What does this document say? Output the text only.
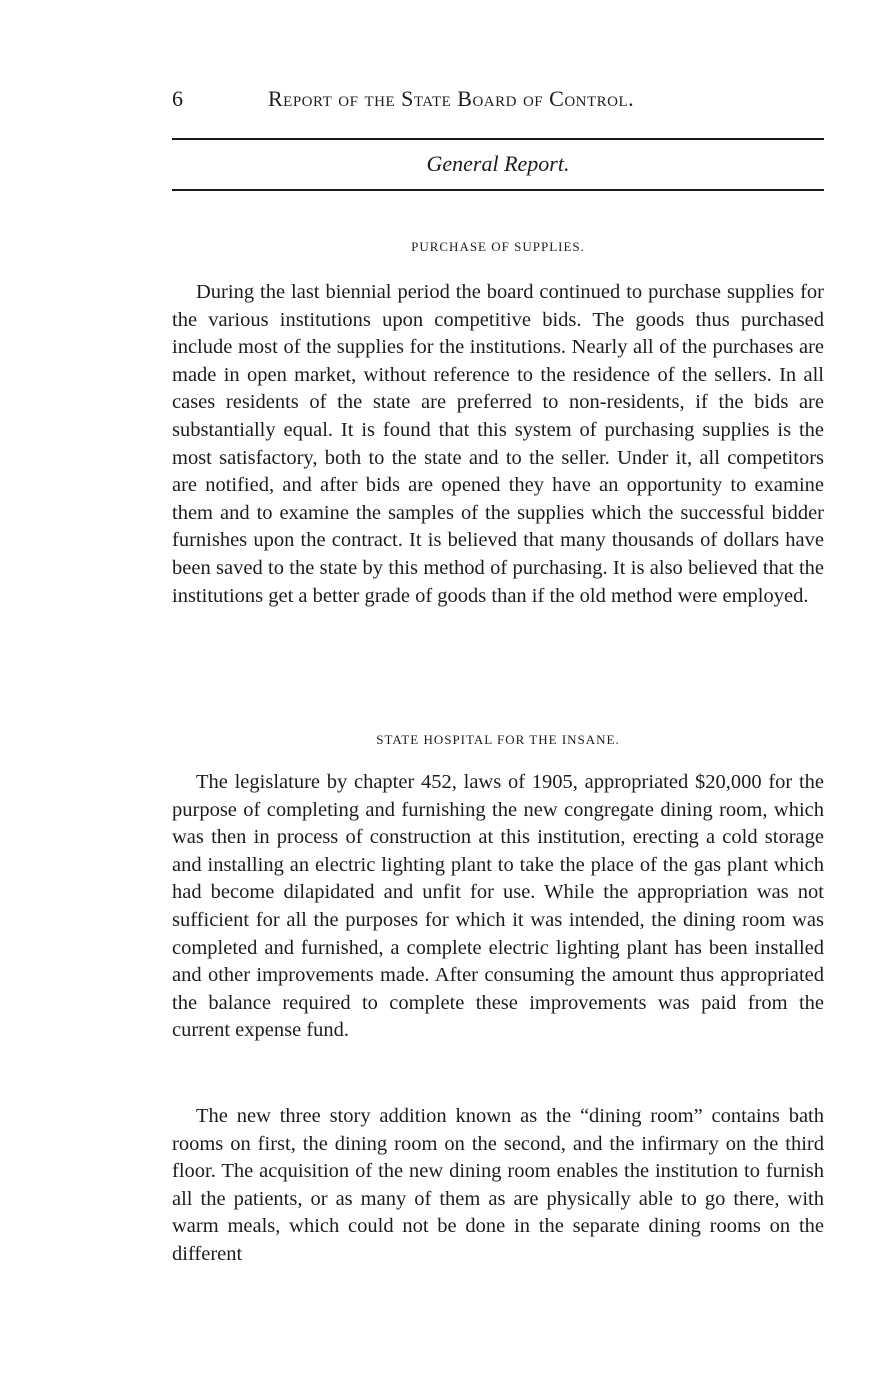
6	Report of the State Board of Control.
General Report.
PURCHASE OF SUPPLIES.

During the last biennial period the board continued to purchase supplies for the various institutions upon competitive bids. The goods thus purchased include most of the supplies for the institutions. Nearly all of the purchases are made in open market, without reference to the residence of the sellers. In all cases residents of the state are preferred to non-residents, if the bids are substantially equal. It is found that this system of purchasing supplies is the most satisfactory, both to the state and to the seller. Under it, all competitors are notified, and after bids are opened they have an opportunity to examine them and to examine the samples of the supplies which the successful bidder furnishes upon the contract. It is believed that many thousands of dollars have been saved to the state by this method of purchasing. It is also believed that the institutions get a better grade of goods than if the old method were employed.

STATE HOSPITAL FOR THE INSANE.

The legislature by chapter 452, laws of 1905, appropriated $20,000 for the purpose of completing and furnishing the new congregate dining room, which was then in process of construction at this institution, erecting a cold storage and installing an electric lighting plant to take the place of the gas plant which had become dilapidated and unfit for use. While the appropriation was not sufficient for all the purposes for which it was intended, the dining room was completed and furnished, a complete electric lighting plant has been installed and other improvements made. After consuming the amount thus appropriated the balance required to complete these improvements was paid from the current expense fund.

The new three story addition known as the “dining room” contains bath rooms on first, the dining room on the second, and the infirmary on the third floor. The acquisition of the new dining room enables the institution to furnish all the patients, or as many of them as are physically able to go there, with warm meals, which could not be done in the separate dining rooms on the different
